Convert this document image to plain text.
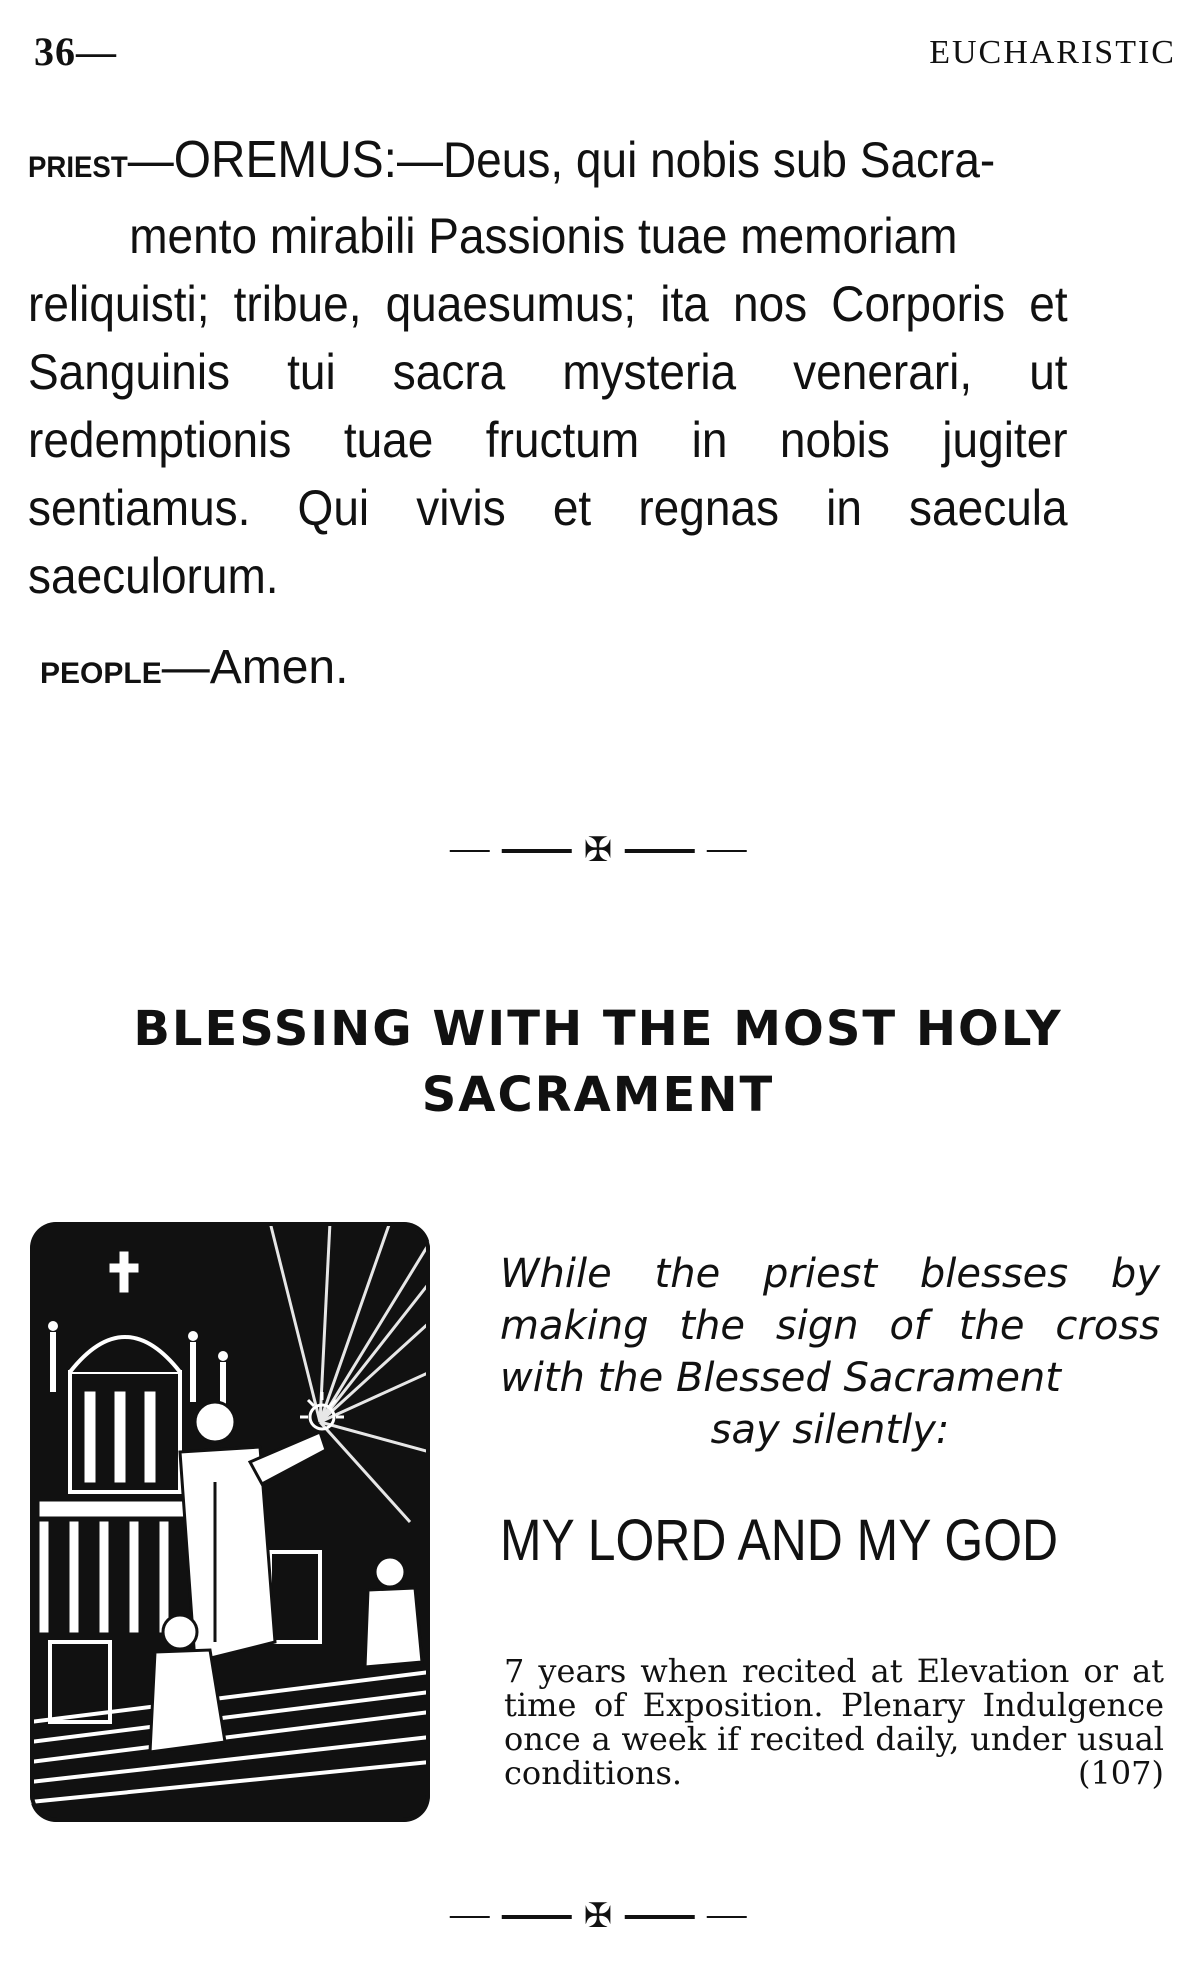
36—	EUCHARISTIC
PRIEST—OREMUS:—Deus, qui nobis sub Sacra-
mento mirabili Passionis tuae memoriam
reliquisti; tribue, quaesumus; ita nos Corporis et Sanguinis tui sacra mysteria venerari, ut redemptionis tuae fructum in nobis jugiter sentiamus. Qui vivis et regnas in saecula saeculorum.
PEOPLE—Amen.
✠
BLESSING WITH THE MOST HOLY
SACRAMENT
While the priest blesses by making the sign of the cross with the Blessed Sacrament
say silently:
MY LORD AND MY GOD
7 years when recited at Elevation or at time of Exposition. Plenary Indulgence once a week if recited daily, under usual conditions.	(107)
✠
